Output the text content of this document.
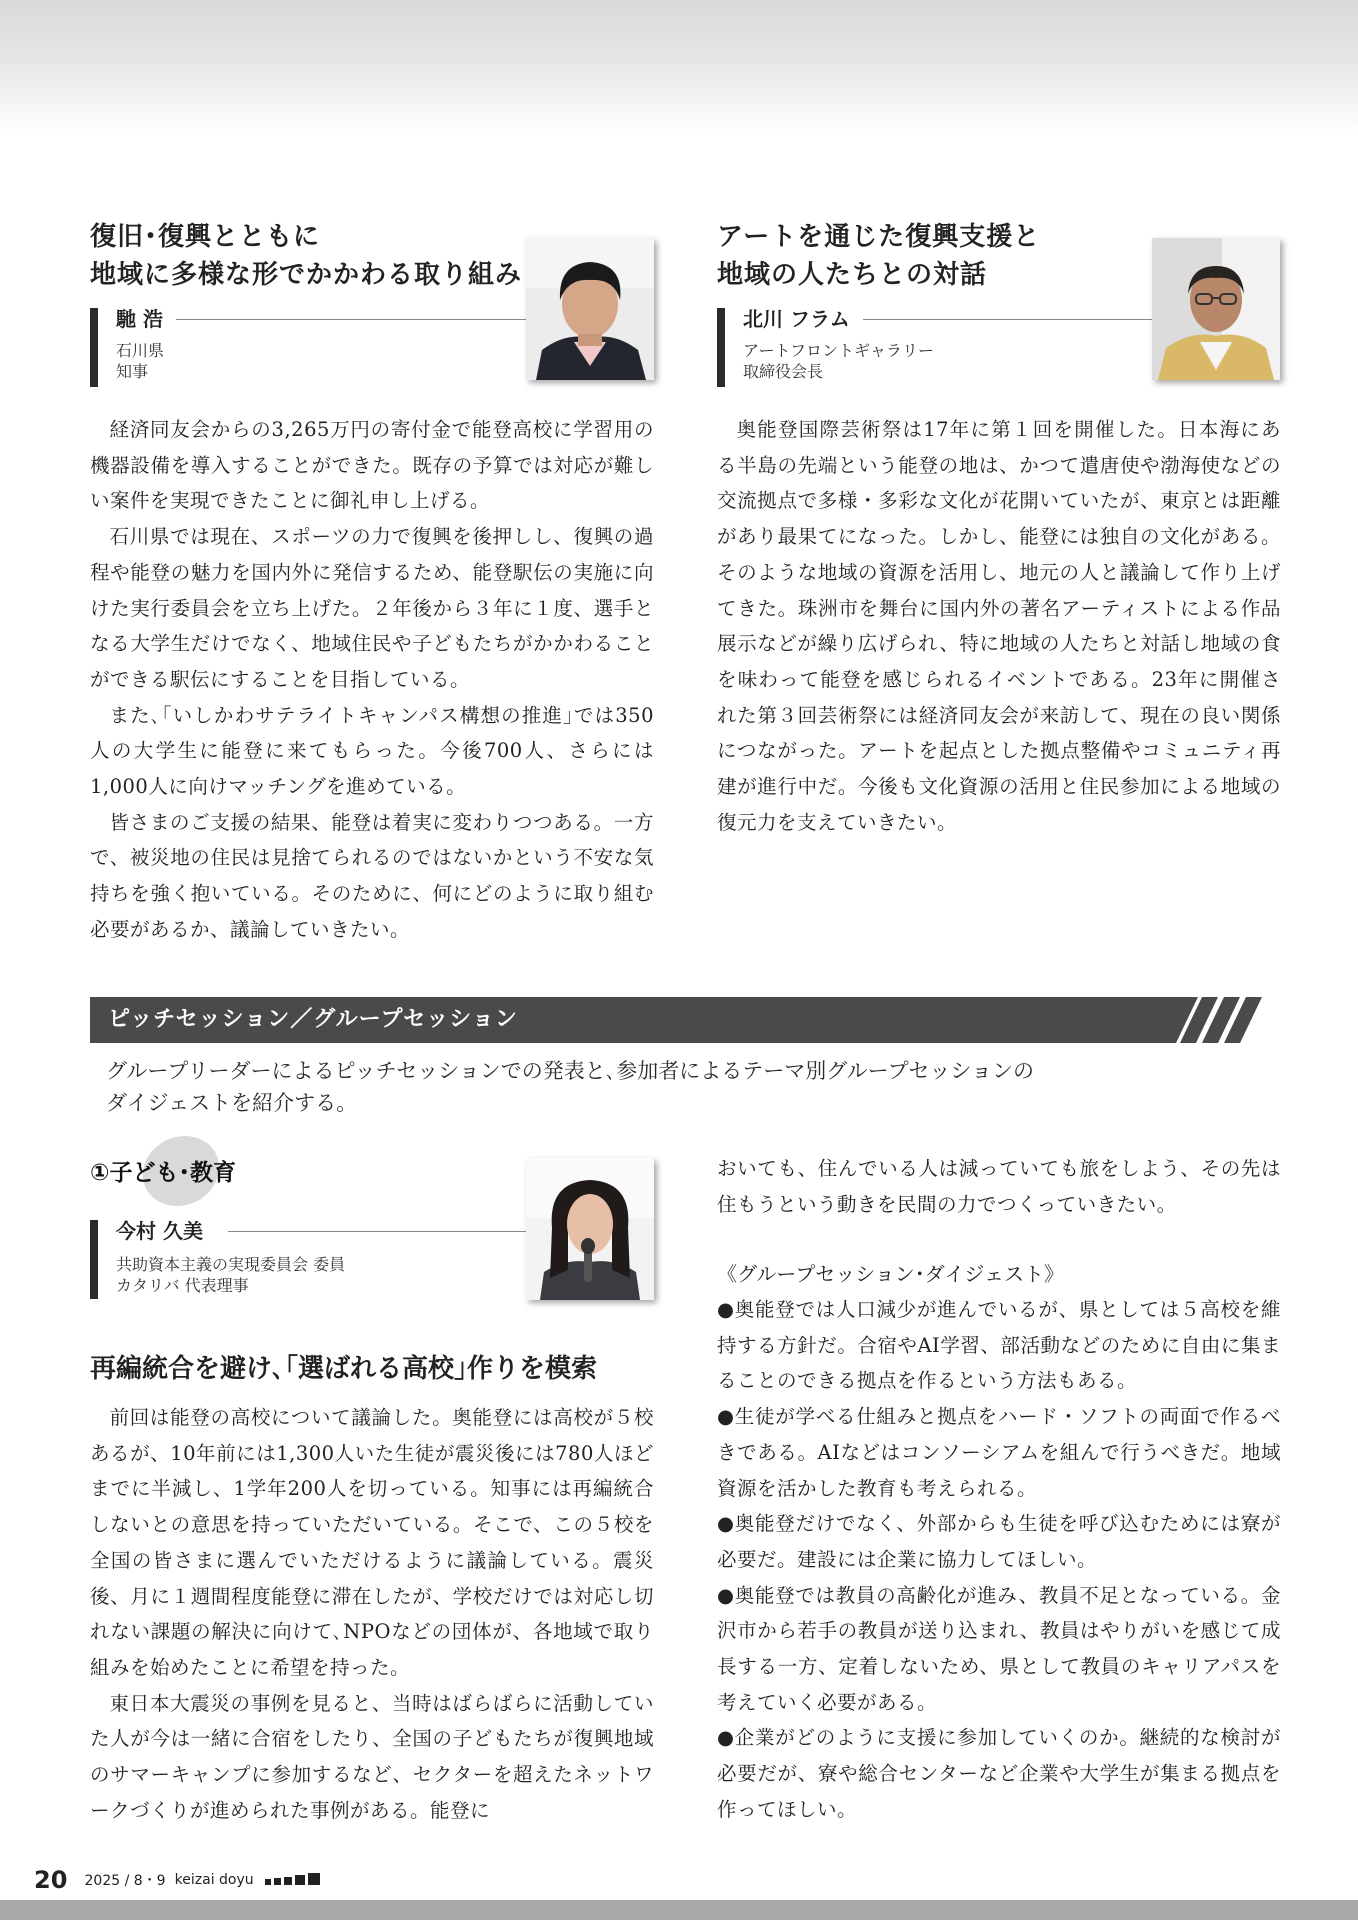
復旧･復興とともに
地域に多様な形でかかわる取り組み
馳 浩
石川県
知事

経済同友会からの3,265万円の寄付金で能登高校に学習用の機器設備を導入することができた。既存の予算では対応が難しい案件を実現できたことに御礼申し上げる。

石川県では現在、スポーツの力で復興を後押しし、復興の過程や能登の魅力を国内外に発信するため、能登駅伝の実施に向けた実行委員会を立ち上げた。２年後から３年に１度、選手となる大学生だけでなく、地域住民や子どもたちがかかわることができる駅伝にすることを目指している。

また､｢いしかわサテライトキャンパス構想の推進｣では350人の大学生に能登に来てもらった。今後700人、さらには1,000人に向けマッチングを進めている。

皆さまのご支援の結果、能登は着実に変わりつつある。一方で、被災地の住民は見捨てられるのではないかという不安な気持ちを強く抱いている。そのために、何にどのように取り組む必要があるか、議論していきたい。

アートを通じた復興支援と
地域の人たちとの対話
北川 フラム
アートフロントギャラリー
取締役会長

奥能登国際芸術祭は17年に第１回を開催した。日本海にある半島の先端という能登の地は、かつて遣唐使や渤海使などの交流拠点で多様・多彩な文化が花開いていたが、東京とは距離があり最果てになった。しかし、能登には独自の文化がある。そのような地域の資源を活用し、地元の人と議論して作り上げてきた。珠洲市を舞台に国内外の著名アーティストによる作品展示などが繰り広げられ、特に地域の人たちと対話し地域の食を味わって能登を感じられるイベントである。23年に開催された第３回芸術祭には経済同友会が来訪して、現在の良い関係につながった。アートを起点とした拠点整備やコミュニティ再建が進行中だ。今後も文化資源の活用と住民参加による地域の復元力を支えていきたい。

ピッチセッション／グループセッション
グループリーダーによるピッチセッションでの発表と､参加者によるテーマ別グループセッションの
ダイジェストを紹介する。
①子ども･教育
今村 久美
共助資本主義の実現委員会 委員
カタリバ 代表理事
再編統合を避け､｢選ばれる高校｣作りを模索

前回は能登の高校について議論した。奥能登には高校が５校あるが、10年前には1,300人いた生徒が震災後には780人ほどまでに半減し、1学年200人を切っている。知事には再編統合しないとの意思を持っていただいている。そこで、この５校を全国の皆さまに選んでいただけるように議論している。震災後、月に１週間程度能登に滞在したが、学校だけでは対応し切れない課題の解決に向けて､NPOなどの団体が、各地域で取り組みを始めたことに希望を持った。

東日本大震災の事例を見ると、当時はばらばらに活動していた人が今は一緒に合宿をしたり、全国の子どもたちが復興地域のサマーキャンプに参加するなど、セクターを超えたネットワークづくりが進められた事例がある。能登に

おいても、住んでいる人は減っていても旅をしよう、その先は住もうという動きを民間の力でつくっていきたい。

《グループセッション･ダイジェスト》

●奥能登では人口減少が進んでいるが、県としては５高校を維持する方針だ。合宿やAI学習、部活動などのために自由に集まることのできる拠点を作るという方法もある。

●生徒が学べる仕組みと拠点をハード・ソフトの両面で作るべきである。AIなどはコンソーシアムを組んで行うべきだ。地域資源を活かした教育も考えられる。

●奥能登だけでなく、外部からも生徒を呼び込むためには寮が必要だ。建設には企業に協力してほしい。

●奥能登では教員の高齢化が進み、教員不足となっている。金沢市から若手の教員が送り込まれ、教員はやりがいを感じて成長する一方、定着しないため、県として教員のキャリアパスを考えていく必要がある。

●企業がどのように支援に参加していくのか。継続的な検討が必要だが、寮や総合センターなど企業や大学生が集まる拠点を作ってほしい。

20 2025 / 8・9 keizai doyu
